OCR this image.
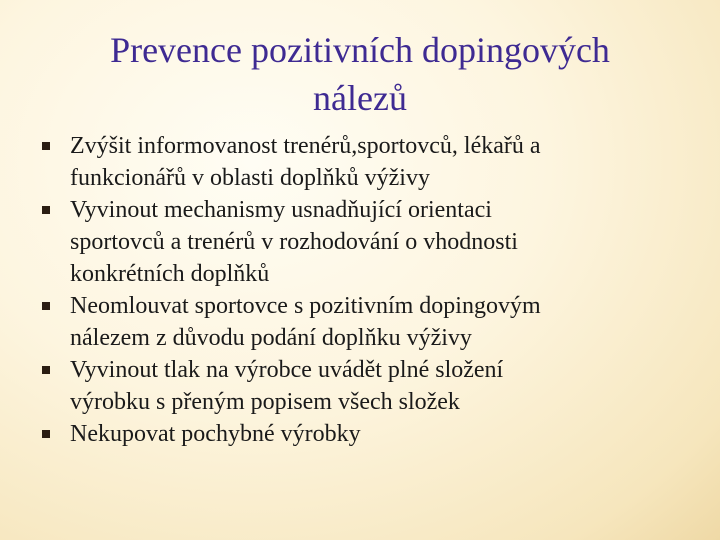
Prevence pozitivních dopingových
nálezů
Zvýšit informovanost trenérů,sportovců, lékařů a
funkcionářů v oblasti doplňků výživy
Vyvinout mechanismy usnadňující orientaci
sportovců a trenérů v rozhodování o vhodnosti
konkrétních doplňků
Neomlouvat sportovce s pozitivním dopingovým
nálezem z důvodu podání doplňku výživy
Vyvinout tlak na výrobce uvádět plné složení
výrobku s přeným popisem všech složek
Nekupovat pochybné výrobky
